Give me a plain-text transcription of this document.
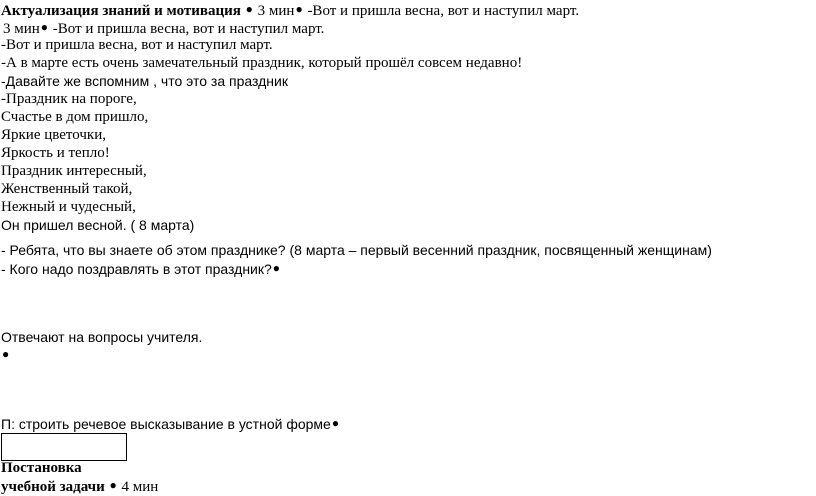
Актуализация знаний и мотивация ● 3 мин● -Вот и пришла весна, вот и наступил март.
3 мин● -Вот и пришла весна, вот и наступил март.
-Вот и пришла весна, вот и наступил март.
-А в марте есть очень замечательный праздник, который прошёл совсем недавно!
-Давайте же вспомним , что это за праздник
-Праздник на пороге,
Счастье в дом пришло,
Яркие цветочки,
Яркость и тепло!
Праздник интересный,
Женственный такой,
Нежный и чудесный,
Он пришел весной. ( 8 марта)
- Ребята, что вы знаете об этом празднике? (8 марта – первый весенний праздник, посвященный женщинам)
- Кого надо поздравлять в этот праздник?●
Отвечают на вопросы учителя.
●
П: строить речевое высказывание в устной форме●
Постановка
учебной задачи ● 4 мин
